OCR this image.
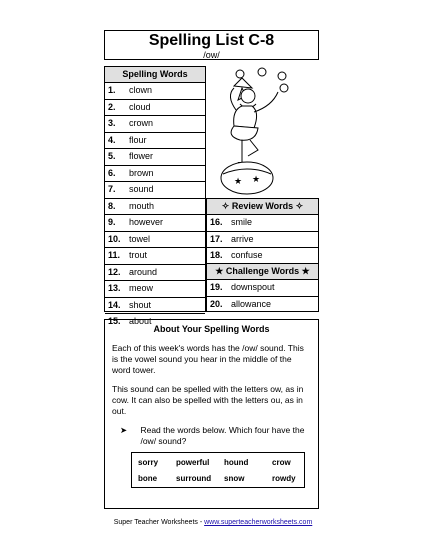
Spelling List C-8
/ow/
Spelling Words
1. clown
2. cloud
3. crown
4. flour
5. flower
6. brown
7. sound
8. mouth
9. however
10. towel
11. trout
12. around
13. meow
14. shout
15. about
★ ★
✧ Review Words ✧
16. smile
17. arrive
18. confuse
★ Challenge Words ★
19. downspout
20. allowance
About Your Spelling Words

Each of this week's words has the /ow/ sound. This is the vowel sound you hear in the middle of the word tower.

This sound can be spelled with the letters ow, as in cow. It can also be spelled with the letters ou, as in out.

➤	Read the words below. Which four have the /ow/ sound?
sorry powerful hound	crow
bone surround snow	rowdy
Super Teacher Worksheets - www.superteacherworksheets.com
